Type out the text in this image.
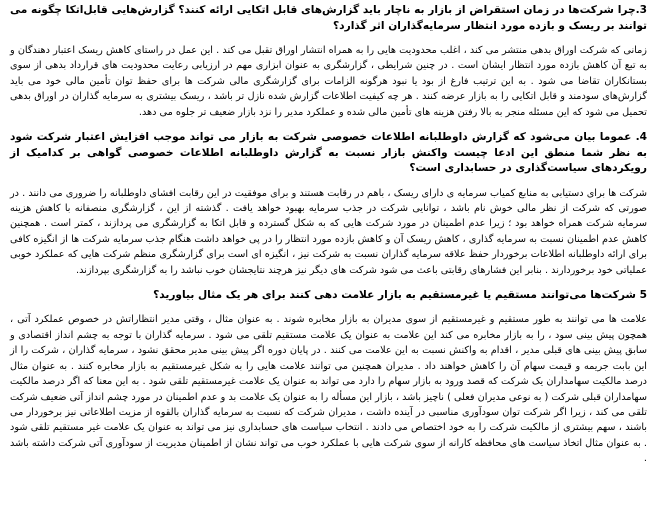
3.چرا شرکت‌ها در زمان استقراض از بازار به ناچار باید گزارش‌های قابل اتکایی ارائه کنند؟ گزارش‌هایی قابل‌اتکا چگونه می توانند بر ریسک و بازده مورد انتظار سرمایه‌گذاران اثر گذارد؟

زمانی که شرکت اوراق بدهی منتشر می کند ، اغلب محدودیت هایی را به همراه انتشار اوراق تقبل می کند . این عمل در راستای کاهش ریسک اعتبار دهندگان و به تبع آن کاهش بازده مورد انتظار ایشان است . در چنین شرایطی ، گزارشگری به عنوان ابزاری مهم در ارزیابی رعایت محدودیت های قرارداد بدهی از سوی بستانکاران تقاضا می شود . به این ترتیب فارغ از بود یا نبود هرگونه الزامات برای گزارشگری مالی شرکت ها برای حفظ توان تأمین مالی خود می باید گزارش‌های سودمند و قابل اتکایی را به بازار عرضه کنند . هر چه کیفیت اطلاعات گزارش شده نازل تر باشد ، ریسک بیشتری به سرمایه گذاران در اوراق بدهی تحمیل می شود که این مسئله منجر به بالا رفتن هزینه های تأمین مالی شده و عملکرد مدیر را نزد بازار ضعیف تر جلوه می دهد.

4. عموما بیان می‌شود که گزارش داوطلبانه اطلاعات خصوصی شرکت به بازار می تواند موجب افزایش اعتبار شرکت شود به نظر شما منطق این ادعا چیست واکنش بازار نسبت به گزارش داوطلبانه اطلاعات خصوصی گواهی بر کدامیک از رویکردهای سیاست‌گذاری در حسابداری است؟

شرکت ها برای دستیابی به منابع کمیاب سرمایه ی دارای ریسک ، باهم در رقابت هستند و برای موفقیت در این رقابت افشای داوطلبانه را ضروری می دانند . در صورتی که شرکت از نظر مالی خوش نام باشد ، توانایی شرکت در جذب سرمایه بهبود خواهد یافت . گذشته از این ، گزارشگری منصفانه با کاهش هزینه سرمایه شرکت همراه خواهد بود ؛ زیرا عدم اطمینان در مورد شرکت هایی که به شکل گسترده و قابل اتکا به گزارشگری می پردازند ، کمتر است . همچنین کاهش عدم اطمینان نسبت به سرمایه گذاری ، کاهش ریسک آن و کاهش بازده مورد انتظار را در پی خواهد داشت هنگام جذب سرمایه شرکت ها از انگیزه کافی برای ارائه داوطلبانه اطلاعات برخوردار حفظ علاقه سرمایه گذاران نسبت به شرکت نیز ، انگیزه ای است برای گزارشگری منظم شرکت هایی که عملکرد خوبی عملیاتی خود برخوردارند . بنابر این فشارهای رقابتی باعث می شود شرکت های دیگر نیز هرچند نتایجشان خوب نباشد را به گزارشگری بپردازند.

5 شرکت‌ها می‌توانند مستقیم یا غیرمستقیم به بازار علامت دهی کنند برای هر یک مثال بیاورید؟

علامت ها می توانند به طور مستقیم و غیرمستقیم از سوی مدیران به بازار مخابره شوند . به عنوان مثال ، وقتی مدیر انتظاراتش در خصوص عملکرد آتی ، همچون پیش بینی سود ، را به بازار مخابره می کند این علامت به عنوان یک علامت مستقیم تلقی می شود . سرمایه گذاران با توجه به چشم انداز اقتصادی و سابق پیش بینی های قبلی مدیر ، اقدام به واکنش نسبت به این علامت می کنند . در پایان دوره اگر پیش بینی مدیر محقق نشود ، سرمایه گذاران ، شرکت را از این بابت جریمه و قیمت سهام آن را کاهش خواهند داد . مدیران همچنین می توانند علامت هایی را به شکل غیرمستقیم به بازار مخابره کنند . به عنوان مثال درصد مالکیت سهامداران یک شرکت که قصد ورود به بازار سهام را دارد می تواند به عنوان یک علامت غیرمستقیم تلقی شود . به این معنا که اگر درصد مالکیت سهامداران قبلی شرکت ( به نوعی مدیران فعلی ) ناچیز باشد ، بازار این مسأله را به عنوان یک علامت بد و عدم اطمینان در مورد چشم انداز آتی ضعیف شرکت تلقی می کند ، زیرا اگر شرکت توان سودآوری مناسبی در آینده داشت ، مدیران شرکت که نسبت به سرمایه گذاران بالقوه از مزیت اطلاعاتی نیز برخوردار می باشند ، سهم بیشتری از مالکیت شرکت را به خود اختصاص می دادند . انتخاب سیاست های حسابداری نیز می تواند به عنوان یک علامت غیر مستقیم تلقی شود . به عنوان مثال اتخاذ سیاست های محافظه کارانه از سوی شرکت هایی با عملکرد خوب می تواند نشان از اطمینان مدیریت از سودآوری آتی شرکت داشته باشد .
